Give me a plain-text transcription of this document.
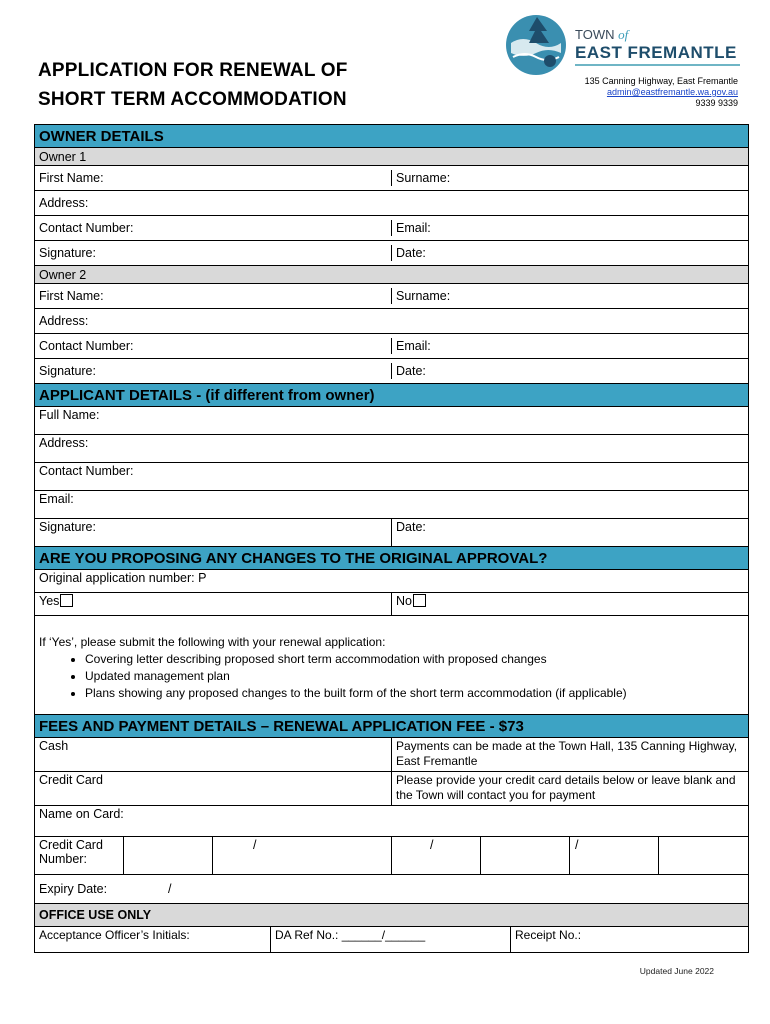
APPLICATION FOR RENEWAL OF
SHORT TERM ACCOMMODATION
TOWN of
EAST FREMANTLE
135 Canning Highway, East Fremantle
admin@eastfremantle.wa.gov.au
9339 9339
OWNER DETAILS
Owner 1
First Name:	Surname:
Address:
Contact Number:	Email:
Signature:	Date:
Owner 2
First Name:	Surname:
Address:
Contact Number:	Email:
Signature:	Date:
APPLICANT DETAILS - (if different from owner)
Full Name:
Address:
Contact Number:
Email:
Signature:	Date:
ARE YOU PROPOSING ANY CHANGES TO THE ORIGINAL APPROVAL?
Original application number: P
Yes	No
If ‘Yes’, please submit the following with your renewal application:
• Covering letter describing proposed short term accommodation with proposed changes
• Updated management plan
• Plans showing any proposed changes to the built form of the short term accommodation (if applicable)
FEES AND PAYMENT DETAILS – RENEWAL APPLICATION FEE - $73
Cash	Payments can be made at the Town Hall, 135 Canning Highway, East Fremantle
Credit Card	Please provide your credit card details below or leave blank and the Town will contact you for payment
Name on Card:
Credit Card Number:
/	/	/
Expiry Date:	/
OFFICE USE ONLY
Acceptance Officer’s Initials:	DA Ref No.: ______/______	Receipt No.:
Updated June 2022
